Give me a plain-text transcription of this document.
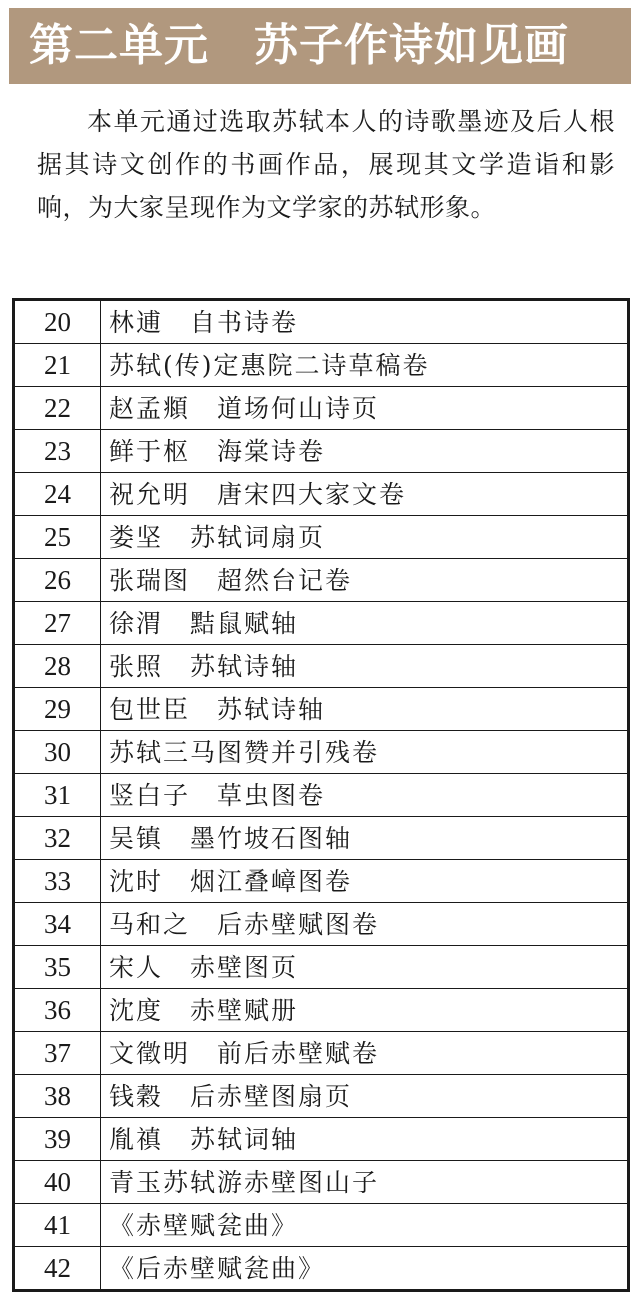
第二单元　苏子作诗如见画

本单元通过选取苏轼本人的诗歌墨迹及后人根据其诗文创作的书画作品，展现其文学造诣和影响，为大家呈现作为文学家的苏轼形象。

20	林逋　自书诗卷
21	苏轼(传)定惠院二诗草稿卷
22	赵孟頫　道场何山诗页
23	鲜于枢　海棠诗卷
24	祝允明　唐宋四大家文卷
25	娄坚　苏轼词扇页
26	张瑞图　超然台记卷
27	徐渭　黠鼠赋轴
28	张照　苏轼诗轴
29	包世臣　苏轼诗轴
30	苏轼三马图赞并引残卷
31	竖白子　草虫图卷
32	吴镇　墨竹坡石图轴
33	沈时　烟江叠嶂图卷
34	马和之　后赤壁赋图卷
35	宋人　赤壁图页
36	沈度　赤壁赋册
37	文徵明　前后赤壁赋卷
38	钱穀　后赤壁图扇页
39	胤禛　苏轼词轴
40	青玉苏轼游赤壁图山子
41	《赤壁赋瓫曲》
42	《后赤壁赋瓫曲》
